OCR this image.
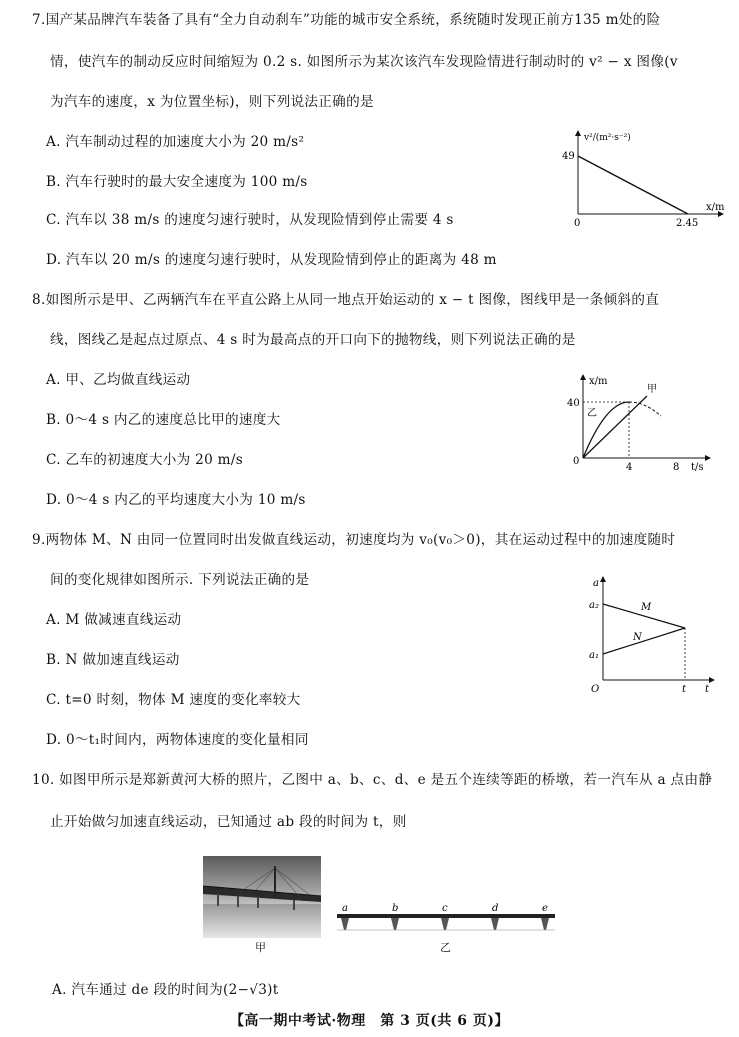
7.国产某品牌汽车装备了具有“全力自动刹车”功能的城市安全系统，系统随时发现正前方135 m处的险
情，使汽车的制动反应时间缩短为 0.2 s. 如图所示为某次该汽车发现险情进行制动时的 v² − x 图像(v
为汽车的速度，x 为位置坐标)，则下列说法正确的是
A. 汽车制动过程的加速度大小为 20 m/s²
B. 汽车行驶时的最大安全速度为 100 m/s
C. 汽车以 38 m/s 的速度匀速行驶时，从发现险情到停止需要 4 s
D. 汽车以 20 m/s 的速度匀速行驶时，从发现险情到停止的距离为 48 m
v²/(m²·s⁻²)
x/m
49
2.45
0
8.如图所示是甲、乙两辆汽车在平直公路上从同一地点开始运动的 x − t 图像，图线甲是一条倾斜的直
线，图线乙是起点过原点、4 s 时为最高点的开口向下的抛物线，则下列说法正确的是
A. 甲、乙均做直线运动
B. 0～4 s 内乙的速度总比甲的速度大
C. 乙车的初速度大小为 20 m/s
D. 0～4 s 内乙的平均速度大小为 10 m/s
x/m
t/s
40
4	8
0
甲
乙
9.两物体 M、N 由同一位置同时出发做直线运动，初速度均为 v₀(v₀＞0)，其在运动过程中的加速度随时
间的变化规律如图所示. 下列说法正确的是
A. M 做减速直线运动
B. N 做加速直线运动
C. t=0 时刻，物体 M 速度的变化率较大
D. 0～t₁时间内，两物体速度的变化量相同
a
t
a₂
a₁
t
O
M
N
10. 如图甲所示是郑新黄河大桥的照片，乙图中 a、b、c、d、e 是五个连续等距的桥墩，若一汽车从 a 点由静
止开始做匀加速直线运动，已知通过 ab 段的时间为 t，则
甲
a	b	c	d	e
乙
A. 汽车通过 de 段的时间为(2−√3)t
【高一期中考试·物理　第 3 页(共 6 页)】
